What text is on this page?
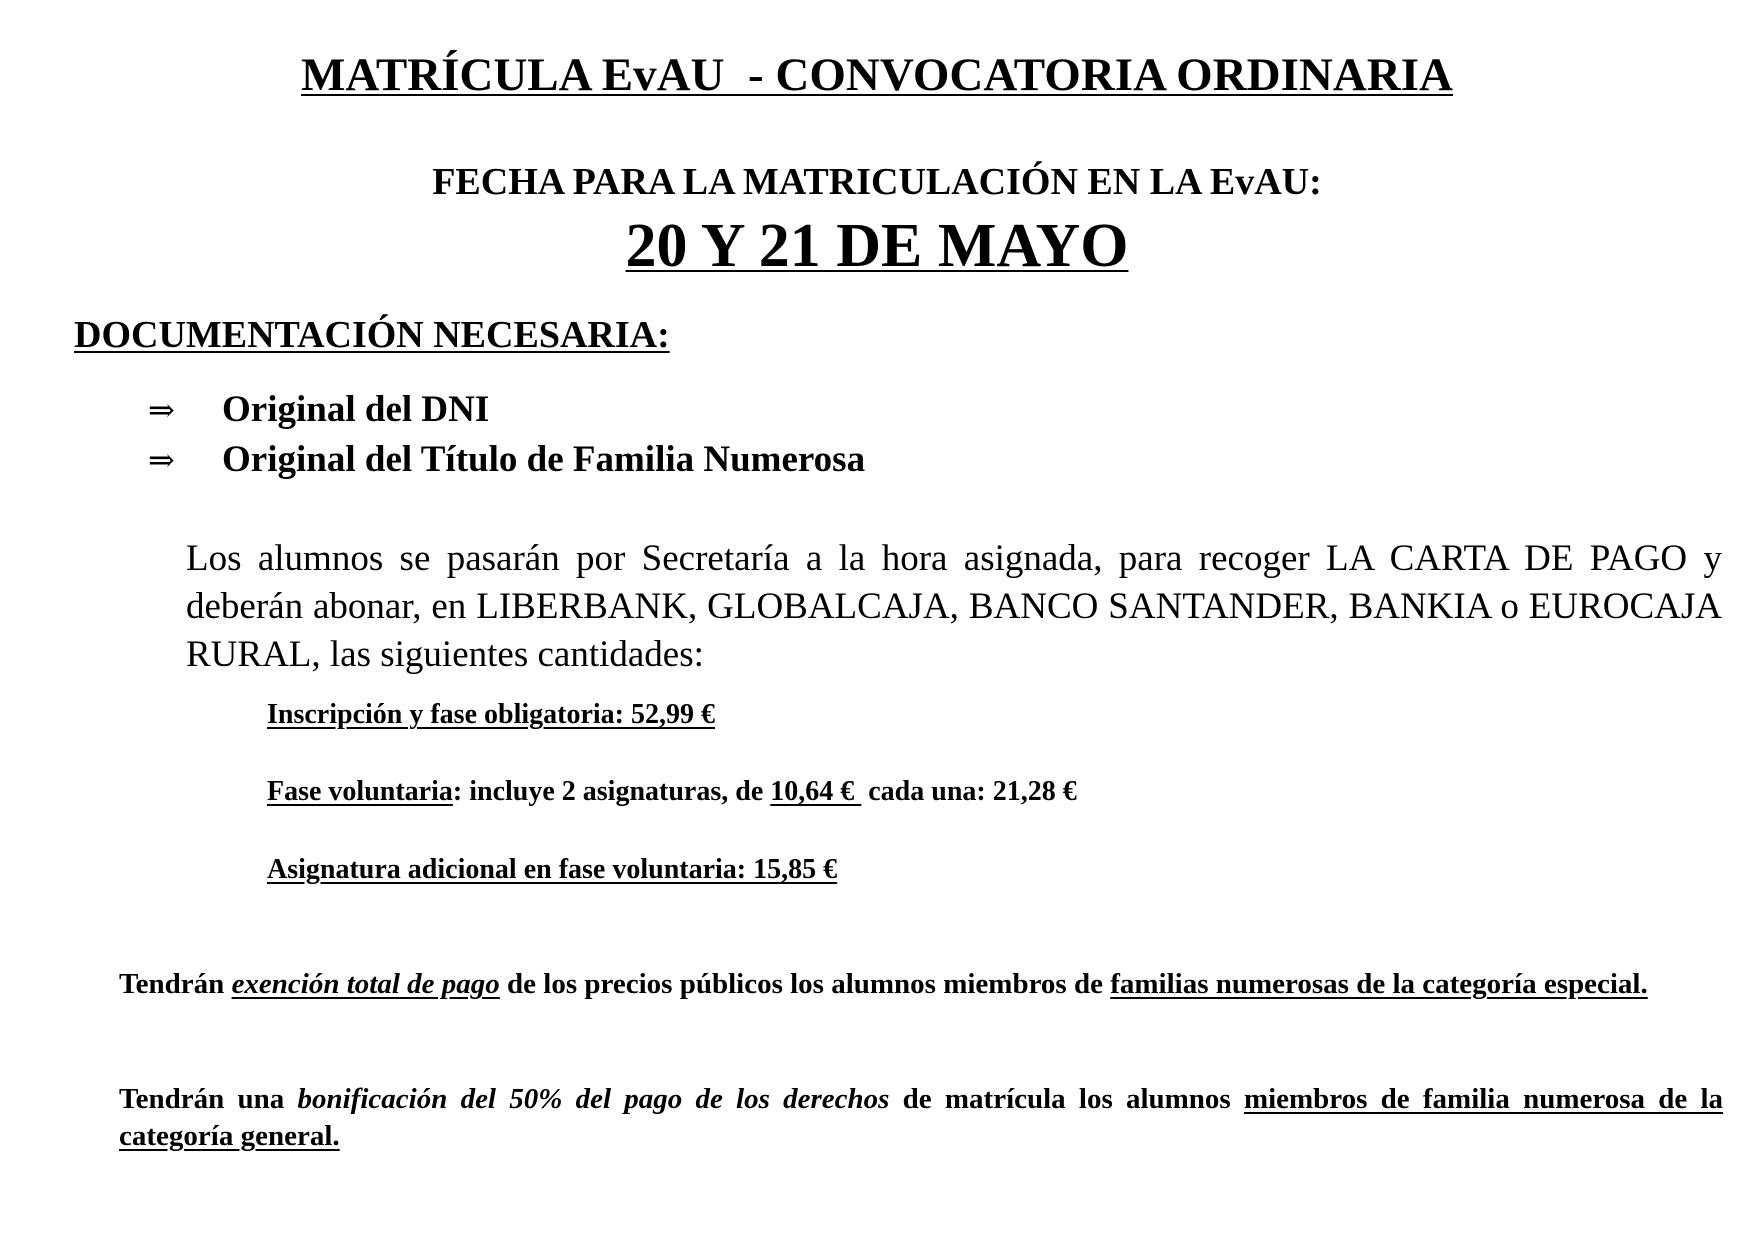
MATRÍCULA EvAU  - CONVOCATORIA ORDINARIA
FECHA PARA LA MATRICULACIÓN EN LA EvAU:
20 Y 21 DE MAYO
DOCUMENTACIÓN NECESARIA:
⇒ Original del DNI
⇒ Original del Título de Familia Numerosa
Los alumnos se pasarán por Secretaría a la hora asignada, para recoger LA CARTA DE PAGO y deberán abonar, en LIBERBANK, GLOBALCAJA, BANCO SANTANDER, BANKIA o EUROCAJA RURAL, las siguientes cantidades:
Inscripción y fase obligatoria: 52,99 €
Fase voluntaria: incluye 2 asignaturas, de 10,64 €  cada una: 21,28 €
Asignatura adicional en fase voluntaria: 15,85 €
Tendrán exención total de pago de los precios públicos los alumnos miembros de familias numerosas de la categoría especial.
Tendrán una bonificación del 50% del pago de los derechos de matrícula los alumnos miembros de familia numerosa de la categoría general.
